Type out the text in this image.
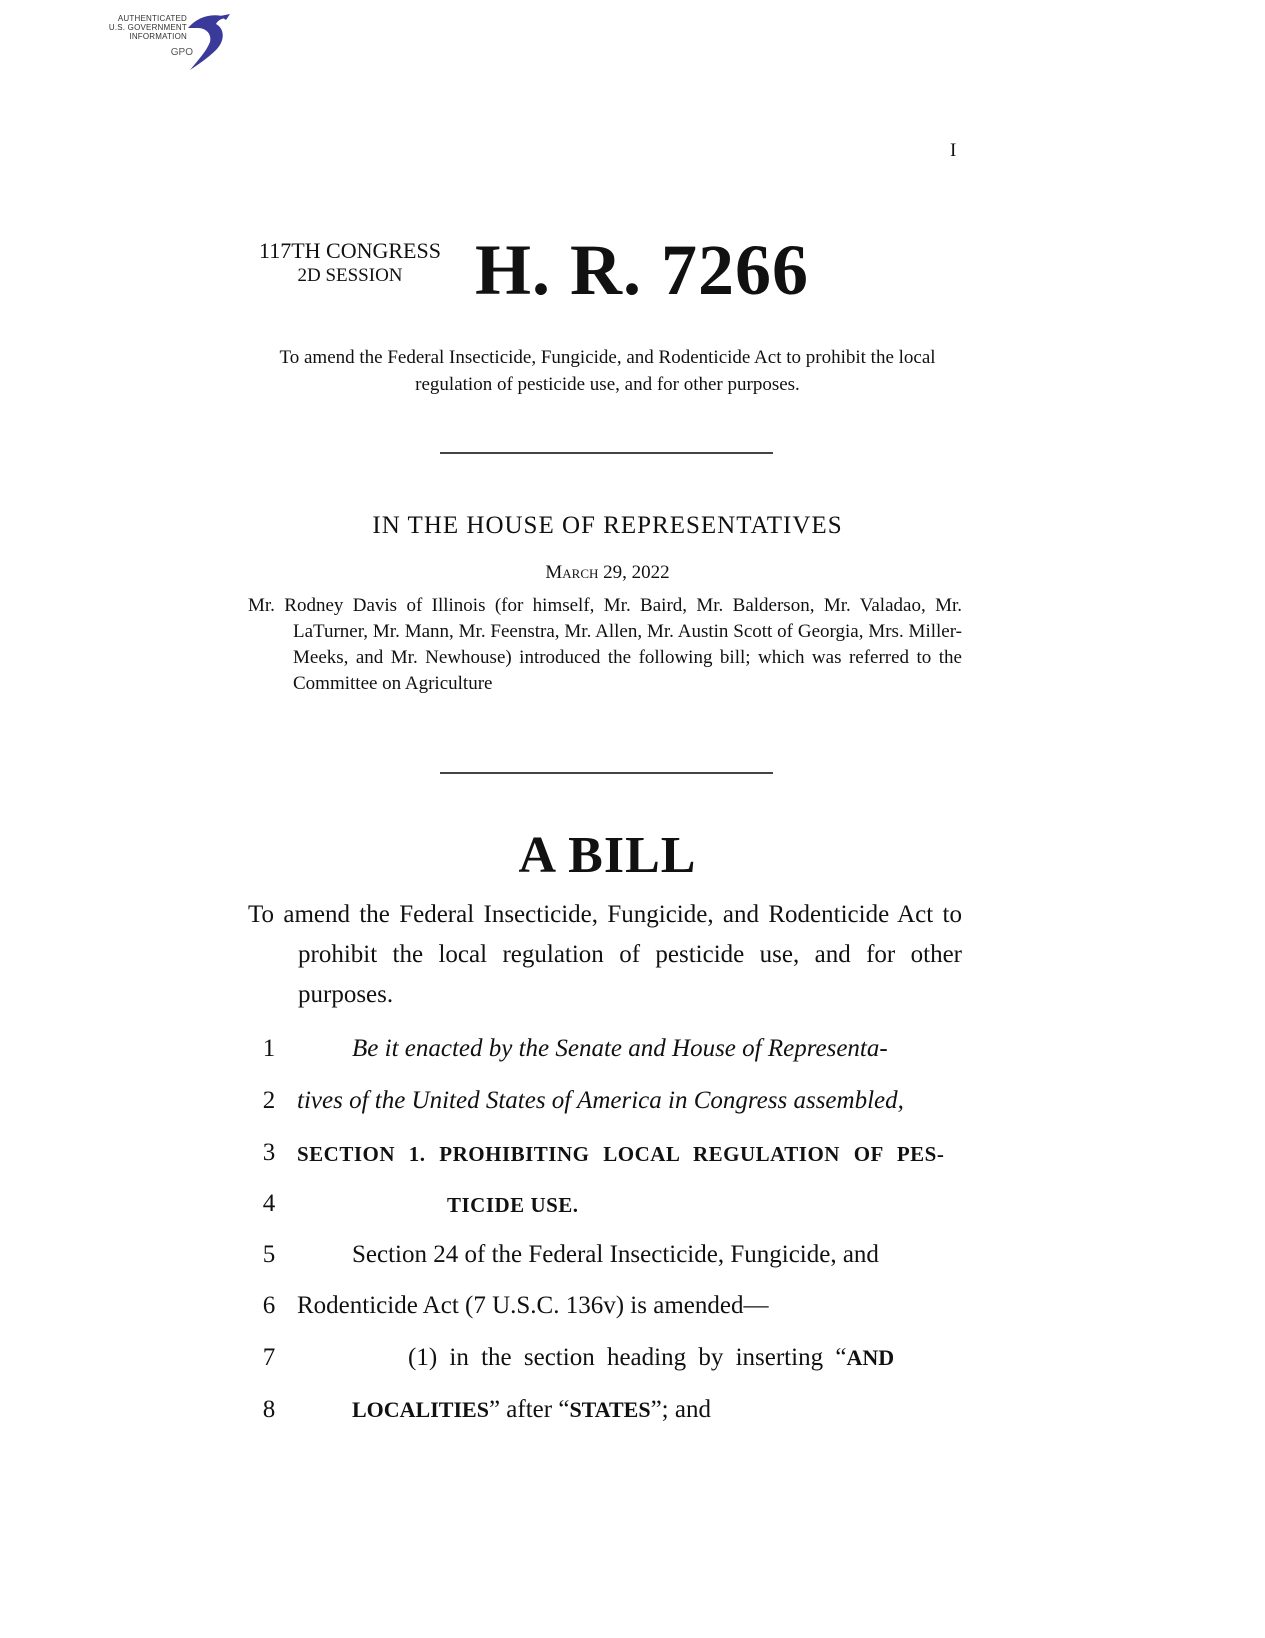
AUTHENTICATED
U.S. GOVERNMENT
INFORMATION
GPO
I
117TH CONGRESS
2D SESSION	H. R. 7266
To amend the Federal Insecticide, Fungicide, and Rodenticide Act to prohibit the local regulation of pesticide use, and for other purposes.
IN THE HOUSE OF REPRESENTATIVES
March 29, 2022
Mr. Rodney Davis of Illinois (for himself, Mr. Baird, Mr. Balderson, Mr. Valadao, Mr. LaTurner, Mr. Mann, Mr. Feenstra, Mr. Allen, Mr. Austin Scott of Georgia, Mrs. Miller-Meeks, and Mr. Newhouse) introduced the following bill; which was referred to the Committee on Agriculture
A BILL
To amend the Federal Insecticide, Fungicide, and Rodenticide Act to prohibit the local regulation of pesticide use, and for other purposes.
1	Be it enacted by the Senate and House of Representa-
2 tives of the United States of America in Congress assembled,
3 SECTION 1. PROHIBITING LOCAL REGULATION OF PES-
4	TICIDE USE.
5	Section 24 of the Federal Insecticide, Fungicide, and
6 Rodenticide Act (7 U.S.C. 136v) is amended—
7	(1) in the section heading by inserting “AND
8	LOCALITIES” after “STATES”; and
